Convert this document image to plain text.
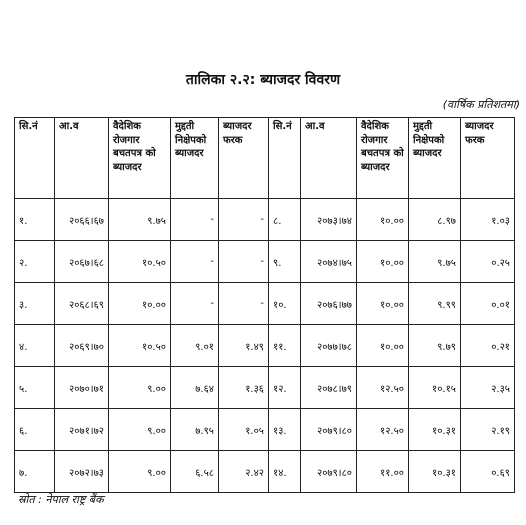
तालिका २.२: ब्याजदर विवरण
(वार्षिक प्रतिशतमा)
सि.नं	आ.व	वैदेशिक रोजगार बचतपत्र को ब्याजदर	मुद्दती निक्षेपको ब्याजदर	ब्याजदर फरक	सि.नं	आ.व	वैदेशिक रोजगार बचतपत्र को ब्याजदर	मुद्दती निक्षेपको ब्याजदर	ब्याजदर फरक
१.	२०६६।६७	९.७५	-	-	८.	२०७३।७४	१०.००	८.९७	१.०३
२.	२०६७।६८	१०.५०	-	-	९.	२०७४।७५	१०.००	९.७५	०.२५
३.	२०६८।६९	१०.००	-	-	१०.	२०७६।७७	१०.००	९.९९	०.०१
४.	२०६९।७०	१०.५०	९.०१	१.४९	११.	२०७७।७८	१०.००	९.७९	०.२१
५.	२०७०।७१	९.००	७.६४	१.३६	१२.	२०७८।७९	१२.५०	१०.१५	२.३५
६.	२०७१।७२	९.००	७.९५	१.०५	१३.	२०७९।८०	१२.५०	१०.३१	२.१९
७.	२०७२।७३	९.००	६.५८	२.४२	१४.	२०७९।८०	११.००	१०.३१	०.६९
स्रोत : नेपाल राष्ट्र बैंक
